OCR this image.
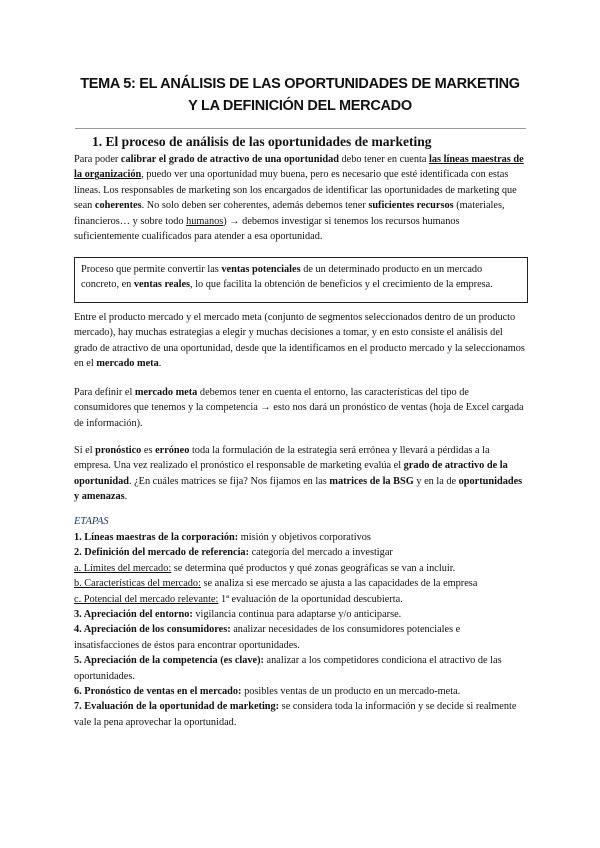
TEMA 5: EL ANÁLISIS DE LAS OPORTUNIDADES DE MARKETING
Y LA DEFINICIÓN DEL MERCADO
1. El proceso de análisis de las oportunidades de marketing

Para poder calibrar el grado de atractivo de una oportunidad debo tener en cuenta las líneas maestras de la organización, puedo ver una oportunidad muy buena, pero es necesario que esté identificada con estas líneas. Los responsables de marketing son los encargados de identificar las oportunidades de marketing que sean coherentes. No solo deben ser coherentes, además debemos tener suficientes recursos (materiales, financieros… y sobre todo humanos) → debemos investigar si tenemos los recursos humanos suficientemente cualificados para atender a esa oportunidad.

Proceso que permite convertir las ventas potenciales de un determinado producto en un mercado concreto, en ventas reales, lo que facilita la obtención de beneficios y el crecimiento de la empresa.

Entre el producto mercado y el mercado meta (conjunto de segmentos seleccionados dentro de un producto mercado), hay muchas estrategias a elegir y muchas decisiones a tomar, y en esto consiste el análisis del grado de atractivo de una oportunidad, desde que la identificamos en el producto mercado y la seleccionamos en el mercado meta.

Para definir el mercado meta debemos tener en cuenta el entorno, las características del tipo de consumidores que tenemos y la competencia → esto nos dará un pronóstico de ventas (hoja de Excel cargada de información).

Si el pronóstico es erróneo toda la formulación de la estrategia será errónea y llevará a pérdidas a la empresa. Una vez realizado el pronóstico el responsable de marketing evalúa el grado de atractivo de la oportunidad. ¿En cuáles matrices se fija? Nos fijamos en las matrices de la BSG y en la de oportunidades y amenazas.

ETAPAS
1. Líneas maestras de la corporación: misión y objetivos corporativos
2. Definición del mercado de referencia: categoría del mercado a investigar
a. Límites del mercado: se determina qué productos y qué zonas geográficas se van a incluir.
b. Características del mercado: se analiza si ese mercado se ajusta a las capacidades de la empresa
c. Potencial del mercado relevante: 1ª evaluación de la oportunidad descubierta.
3. Apreciación del entorno: vigilancia continua para adaptarse y/o anticiparse.
4. Apreciación de los consumidores: analizar necesidades de los consumidores potenciales e insatisfacciones de éstos para encontrar oportunidades.
5. Apreciación de la competencia (es clave): analizar a los competidores condiciona el atractivo de las oportunidades.
6. Pronóstico de ventas en el mercado: posibles ventas de un producto en un mercado-meta.
7. Evaluación de la oportunidad de marketing: se considera toda la información y se decide si realmente vale la pena aprovechar la oportunidad.
